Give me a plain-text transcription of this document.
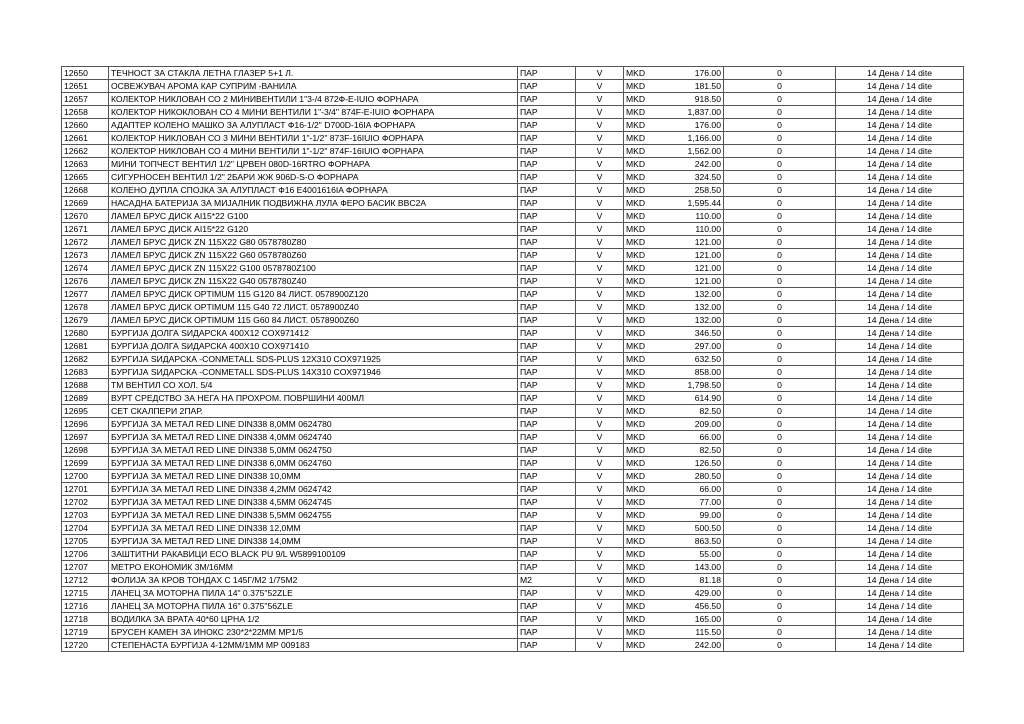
12650	ТЕЧНОСТ ЗА СТАКЛА ЛЕТНА ГЛАЗЕР 5+1 Л.	ПАР	V	MKD	176.00	0	14 Дена / 14 dite
12651	ОСВЕЖУВАЧ АРОМА КАР СУПРИМ -ВАНИЛА	ПАР	V	MKD	181.50	0	14 Дена / 14 dite
12657	КОЛЕКТОР НИКЛОВАН СО 2 МИНИВЕНТИЛИ 1"3-/4 872Ф-E-IUIO ФОРНАРА	ПАР	V	MKD	918.50	0	14 Дена / 14 dite
12658	КОЛЕКТОР НИКОКЛОВАН СО 4 МИНИ ВЕНТИЛИ 1"-3/4" 874F-E-IUIO ФОРНАРА	ПАР	V	MKD	1,837.00	0	14 Дена / 14 dite
12660	АДАПТЕР КОЛЕНО МАШКО ЗА АЛУПЛАСТ Ф16-1/2" D700D-16IA ФОРНАРА	ПАР	V	MKD	176.00	0	14 Дена / 14 dite
12661	КОЛЕКТОР НИКЛОВАН СО 3 МИНИ ВЕНТИЛИ 1"-1/2" 873F-16IUIO ФОРНАРА	ПАР	V	MKD	1,166.00	0	14 Дена / 14 dite
12662	КОЛЕКТОР НИКЛОВАН СО 4 МИНИ ВЕНТИЛИ 1"-1/2" 874F-16IUIO ФОРНАРА	ПАР	V	MKD	1,562.00	0	14 Дена / 14 dite
12663	МИНИ ТОПЧЕСТ ВЕНТИЛ 1/2" ЦРВЕН 080D-16RTRO ФОРНАРА	ПАР	V	MKD	242.00	0	14 Дена / 14 dite
12665	СИГУРНОСЕН ВЕНТИЛ 1/2" 2БАРИ ЖЖ 906D-S-O ФОРНАРА	ПАР	V	MKD	324.50	0	14 Дена / 14 dite
12668	КОЛЕНО ДУПЛА СПОЈКА ЗА АЛУПЛАСТ Ф16 E4001616IA ФОРНАРА	ПАР	V	MKD	258.50	0	14 Дена / 14 dite
12669	НАСАДНА БАТЕРИЈА ЗА МИЈАЛНИК ПОДВИЖНА ЛУЛА ФЕРО БАСИК BBC2A	ПАР	V	MKD	1,595.44	0	14 Дена / 14 dite
12670	ЛАМЕЛ БРУС ДИСК AI15*22 G100	ПАР	V	MKD	110.00	0	14 Дена / 14 dite
12671	ЛАМЕЛ БРУС ДИСК AI15*22 G120	ПАР	V	MKD	110.00	0	14 Дена / 14 dite
12672	ЛАМЕЛ БРУС ДИСК ZN 115X22 G80 0578780Z80	ПАР	V	MKD	121.00	0	14 Дена / 14 dite
12673	ЛАМЕЛ БРУС ДИСК ZN 115X22 G60 0578780Z60	ПАР	V	MKD	121.00	0	14 Дена / 14 dite
12674	ЛАМЕЛ БРУС ДИСК ZN 115X22 G100 0578780Z100	ПАР	V	MKD	121.00	0	14 Дена / 14 dite
12676	ЛАМЕЛ БРУС ДИСК ZN 115X22 G40 0578780Z40	ПАР	V	MKD	121.00	0	14 Дена / 14 dite
12677	ЛАМЕЛ БРУС ДИСК OPTIMUM 115 G120 84 ЛИСТ. 0578900Z120	ПАР	V	MKD	132.00	0	14 Дена / 14 dite
12678	ЛАМЕЛ БРУС ДИСК OPTIMUM 115 G40 72 ЛИСТ. 0578900Z40	ПАР	V	MKD	132.00	0	14 Дена / 14 dite
12679	ЛАМЕЛ БРУС ДИСК OPTIMUM 115 G60 84 ЛИСТ. 0578900Z60	ПАР	V	MKD	132.00	0	14 Дена / 14 dite
12680	БУРГИЈА ДОЛГА SИДАРСКА 400X12 COX971412	ПАР	V	MKD	346.50	0	14 Дена / 14 dite
12681	БУРГИЈА ДОЛГА SИДАРСКА 400X10 COX971410	ПАР	V	MKD	297.00	0	14 Дена / 14 dite
12682	БУРГИЈА SИДАРСКА -CONMETALL SDS-PLUS 12X310 COX971925	ПАР	V	MKD	632.50	0	14 Дена / 14 dite
12683	БУРГИЈА SИДАРСКА -CONMETALL SDS-PLUS 14X310 COX971946	ПАР	V	MKD	858.00	0	14 Дена / 14 dite
12688	ТМ ВЕНТИЛ СО ХОЛ. 5/4	ПАР	V	MKD	1,798.50	0	14 Дена / 14 dite
12689	ВУРТ СРЕДСТВО ЗА НЕГА НА ПРОХРОМ. ПОВРШИНИ 400МЛ	ПАР	V	MKD	614.90	0	14 Дена / 14 dite
12695	СЕТ СКАЛПЕРИ 2ПАР.	ПАР	V	MKD	82.50	0	14 Дена / 14 dite
12696	БУРГИЈА ЗА МЕТАЛ RED LINE DIN338 8,0MM 0624780	ПАР	V	MKD	209.00	0	14 Дена / 14 dite
12697	БУРГИЈА ЗА МЕТАЛ RED LINE DIN338 4,0MM 0624740	ПАР	V	MKD	66.00	0	14 Дена / 14 dite
12698	БУРГИЈА ЗА МЕТАЛ RED LINE DIN338 5,0MM 0624750	ПАР	V	MKD	82.50	0	14 Дена / 14 dite
12699	БУРГИЈА ЗА МЕТАЛ RED LINE DIN338 6,0MM 0624760	ПАР	V	MKD	126.50	0	14 Дена / 14 dite
12700	БУРГИЈА ЗА МЕТАЛ RED LINE DIN338 10,0MM	ПАР	V	MKD	280.50	0	14 Дена / 14 dite
12701	БУРГИЈА ЗА МЕТАЛ RED LINE DIN338 4,2MM 0624742	ПАР	V	MKD	66.00	0	14 Дена / 14 dite
12702	БУРГИЈА ЗА МЕТАЛ RED LINE DIN338 4,5MM 0624745	ПАР	V	MKD	77.00	0	14 Дена / 14 dite
12703	БУРГИЈА ЗА МЕТАЛ RED LINE DIN338 5,5MM 0624755	ПАР	V	MKD	99.00	0	14 Дена / 14 dite
12704	БУРГИЈА ЗА МЕТАЛ RED LINE DIN338 12,0MM	ПАР	V	MKD	500.50	0	14 Дена / 14 dite
12705	БУРГИЈА ЗА МЕТАЛ RED LINE DIN338 14,0MM	ПАР	V	MKD	863.50	0	14 Дена / 14 dite
12706	ЗАШТИТНИ РАКАВИЦИ ECO BLACK PU 9/L W5899100109	ПАР	V	MKD	55.00	0	14 Дена / 14 dite
12707	МЕТРО ЕКОНОМИК 3М/16ММ	ПАР	V	MKD	143.00	0	14 Дена / 14 dite
12712	ФОЛИЈА ЗА КРОВ ТОНДАХ С 145Г/М2 1/75М2	М2	V	MKD	81.18	0	14 Дена / 14 dite
12715	ЛАНЕЦ ЗА МОТОРНА ПИЛА 14" 0.375"52ZLE	ПАР	V	MKD	429.00	0	14 Дена / 14 dite
12716	ЛАНЕЦ ЗА МОТОРНА ПИЛА 16" 0.375"56ZLE	ПАР	V	MKD	456.50	0	14 Дена / 14 dite
12718	ВОДИЛКА ЗА ВРАТА 40*60 ЦРНА 1/2	ПАР	V	MKD	165.00	0	14 Дена / 14 dite
12719	БРУСЕН КАМЕН ЗА ИНОКС 230*2*22ММ MP1/5	ПАР	V	MKD	115.50	0	14 Дена / 14 dite
12720	СТЕПЕНАСТА БУРГИЈА 4-12ММ/1ММ MP 009183	ПАР	V	MKD	242.00	0	14 Дена / 14 dite
